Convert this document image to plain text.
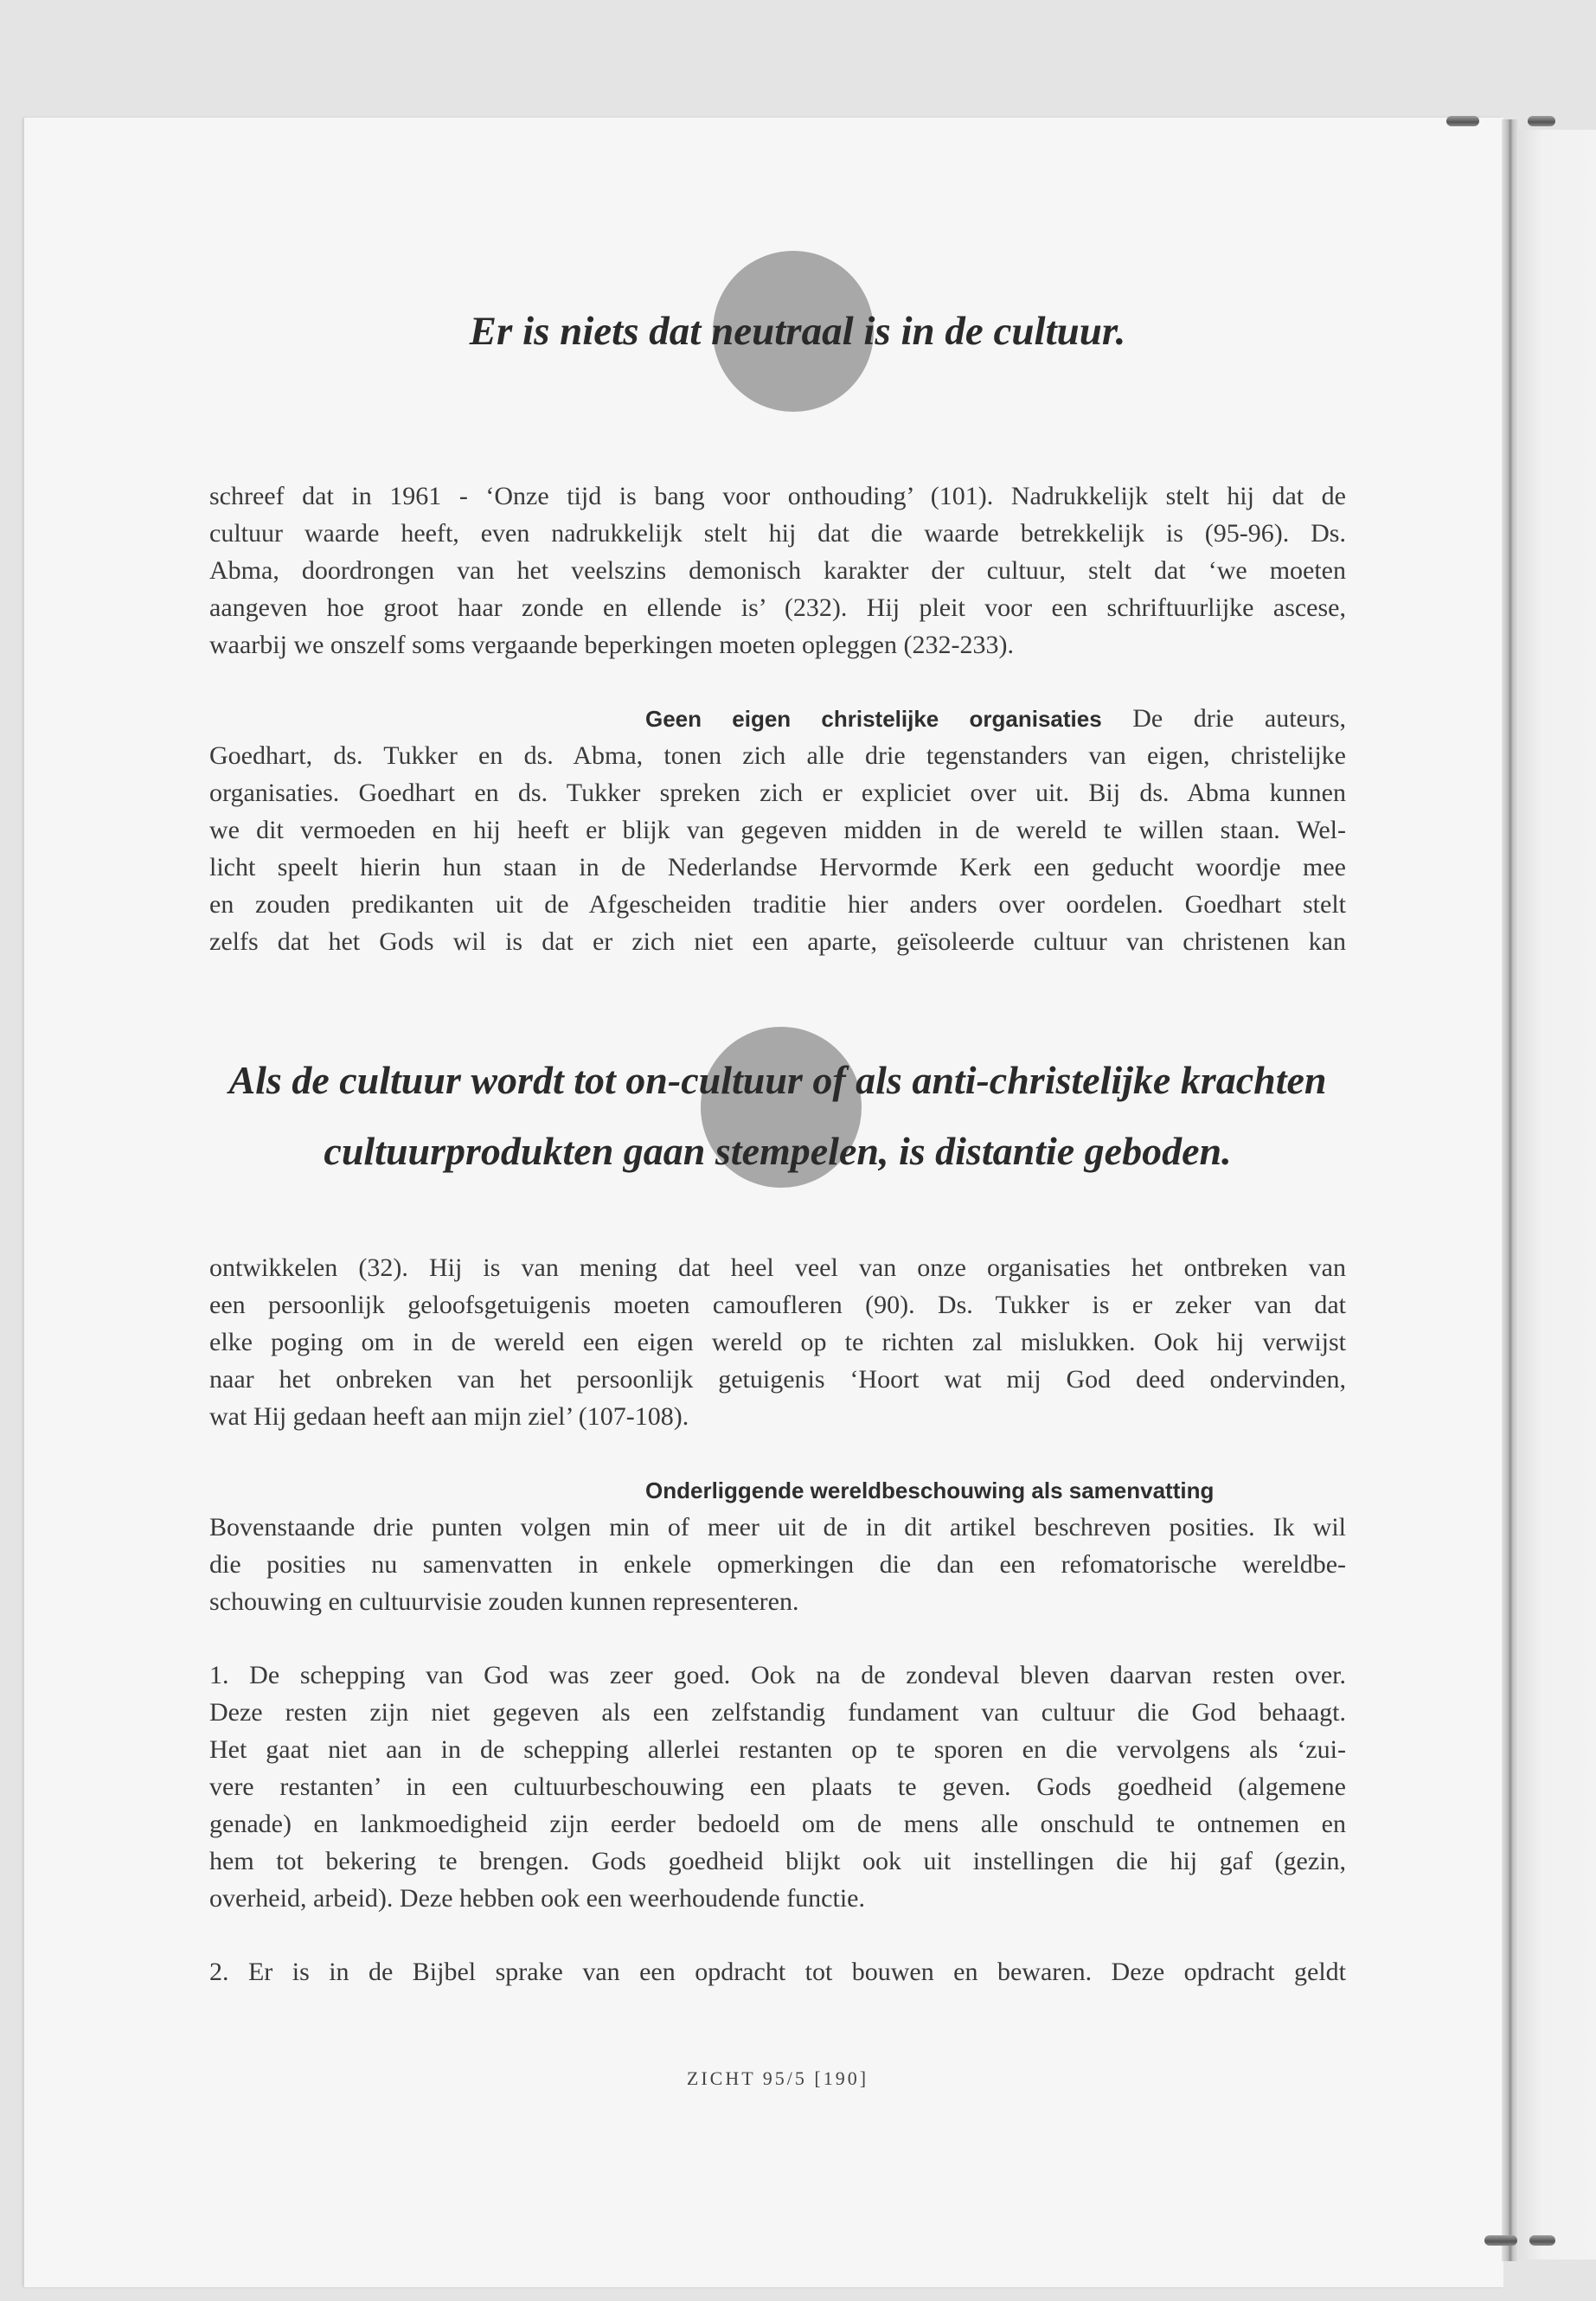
Er is niets dat neutraal is in de cultuur.
schreef dat in 1961 - ‘Onze tijd is bang voor onthouding’ (101). Nadrukkelijk stelt hij dat de
cultuur waarde heeft, even nadrukkelijk stelt hij dat die waarde betrekkelijk is (95-96). Ds.
Abma, doordrongen van het veelszins demonisch karakter der cultuur, stelt dat ‘we moeten
aangeven hoe groot haar zonde en ellende is’ (232). Hij pleit voor een schriftuurlijke ascese,
waarbij we onszelf soms vergaande beperkingen moeten opleggen (232-233).
Geen eigen christelijke organisaties De drie auteurs,
Goedhart, ds. Tukker en ds. Abma, tonen zich alle drie tegenstanders van eigen, christelijke
organisaties. Goedhart en ds. Tukker spreken zich er expliciet over uit. Bij ds. Abma kunnen
we dit vermoeden en hij heeft er blijk van gegeven midden in de wereld te willen staan. Wel-
licht speelt hierin hun staan in de Nederlandse Hervormde Kerk een geducht woordje mee
en zouden predikanten uit de Afgescheiden traditie hier anders over oordelen. Goedhart stelt
zelfs dat het Gods wil is dat er zich niet een aparte, geïsoleerde cultuur van christenen kan
Als de cultuur wordt tot on-cultuur of als anti-christelijke krachten
cultuurprodukten gaan stempelen, is distantie geboden.
ontwikkelen (32). Hij is van mening dat heel veel van onze organisaties het ontbreken van
een persoonlijk geloofsgetuigenis moeten camoufleren (90). Ds. Tukker is er zeker van dat
elke poging om in de wereld een eigen wereld op te richten zal mislukken. Ook hij verwijst
naar het onbreken van het persoonlijk getuigenis ‘Hoort wat mij God deed ondervinden,
wat Hij gedaan heeft aan mijn ziel’ (107-108).
Onderliggende wereldbeschouwing als samenvatting
Bovenstaande drie punten volgen min of meer uit de in dit artikel beschreven posities. Ik wil
die posities nu samenvatten in enkele opmerkingen die dan een refomatorische wereldbe-
schouwing en cultuurvisie zouden kunnen representeren.
1. De schepping van God was zeer goed. Ook na de zondeval bleven daarvan resten over.
Deze resten zijn niet gegeven als een zelfstandig fundament van cultuur die God behaagt.
Het gaat niet aan in de schepping allerlei restanten op te sporen en die vervolgens als ‘zui-
vere restanten’ in een cultuurbeschouwing een plaats te geven. Gods goedheid (algemene
genade) en lankmoedigheid zijn eerder bedoeld om de mens alle onschuld te ontnemen en
hem tot bekering te brengen. Gods goedheid blijkt ook uit instellingen die hij gaf (gezin,
overheid, arbeid). Deze hebben ook een weerhoudende functie.
2. Er is in de Bijbel sprake van een opdracht tot bouwen en bewaren. Deze opdracht geldt
ZICHT 95/5 [190]
